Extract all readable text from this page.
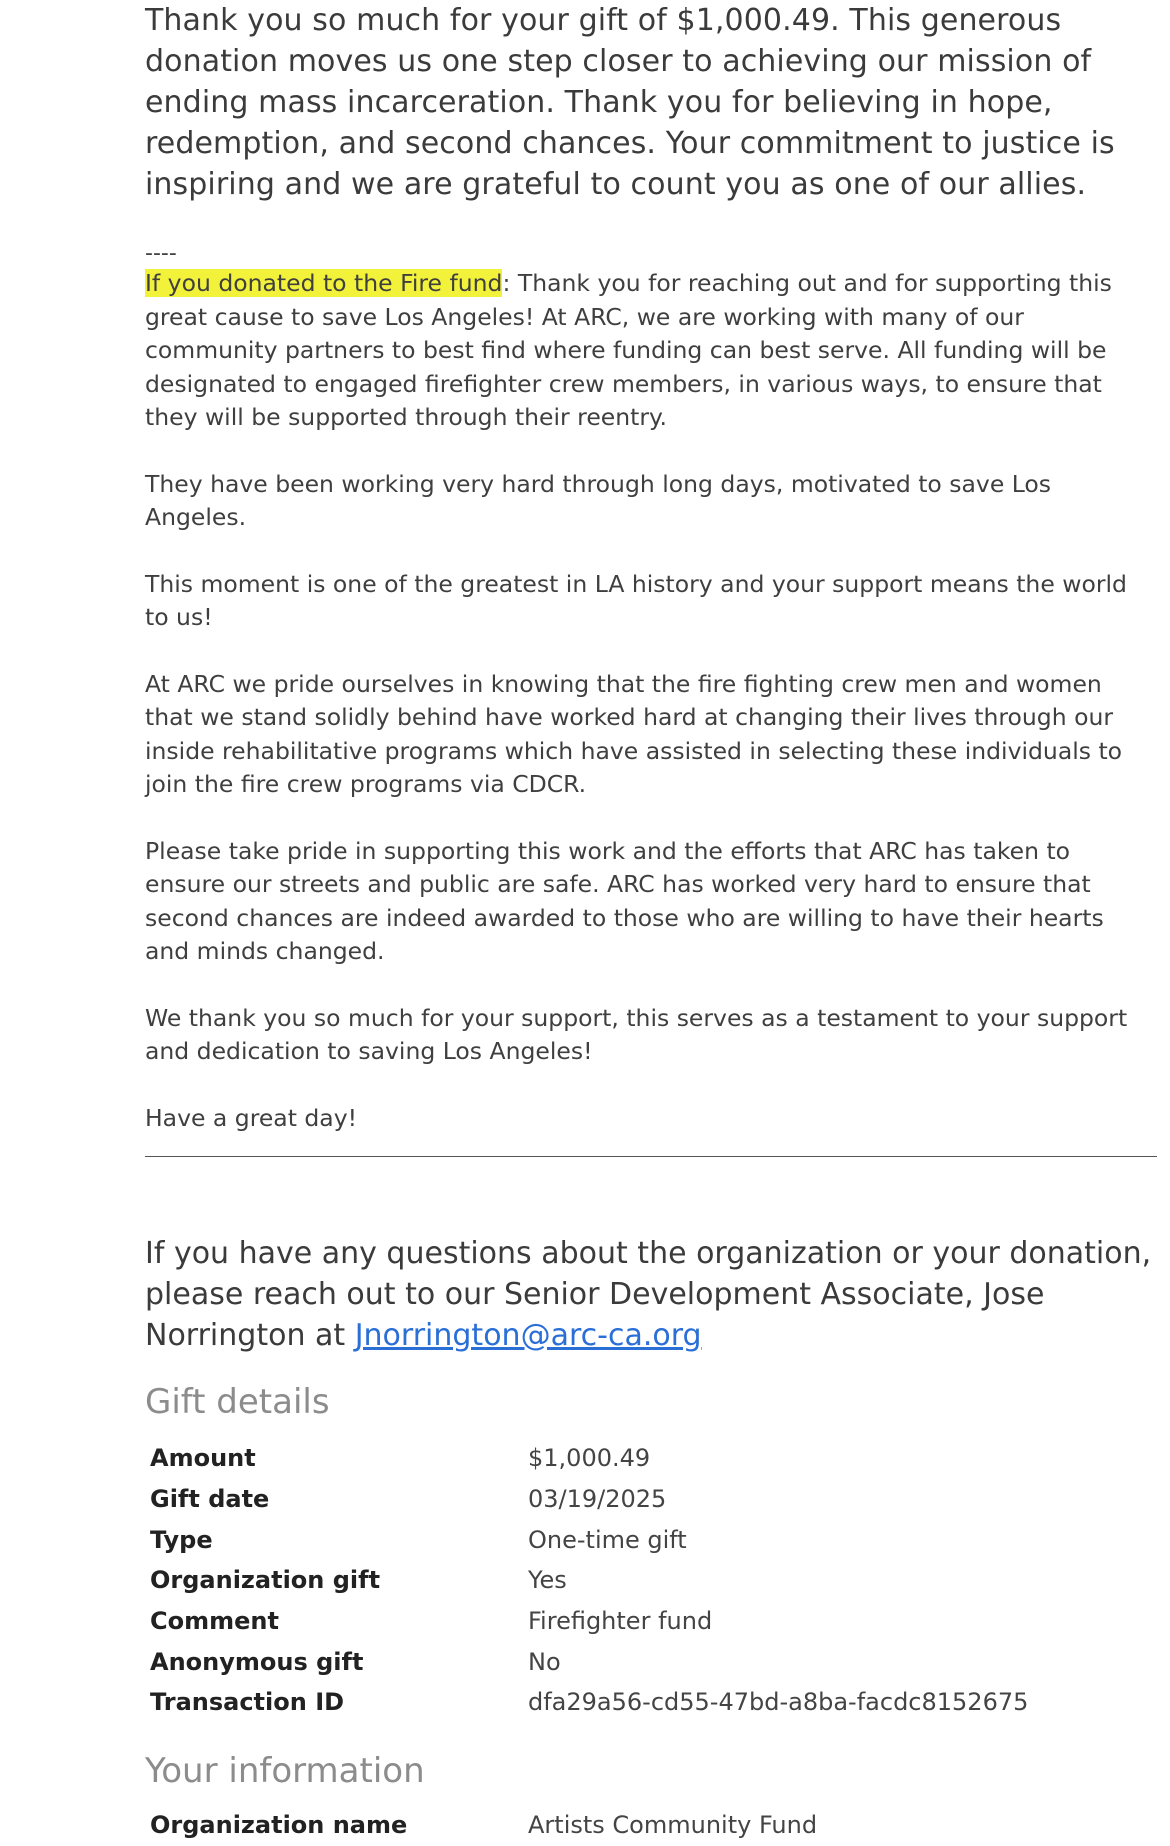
Thank you so much for your gift of $1,000.49. This generous donation moves us one step closer to achieving our mission of ending mass incarceration. Thank you for believing in hope, redemption, and second chances. Your commitment to justice is inspiring and we are grateful to count you as one of our allies.

----

If you donated to the Fire fund: Thank you for reaching out and for supporting this great cause to save Los Angeles! At ARC, we are working with many of our community partners to best find where funding can best serve. All funding will be designated to engaged firefighter crew members, in various ways, to ensure that they will be supported through their reentry.

They have been working very hard through long days, motivated to save Los Angeles.

This moment is one of the greatest in LA history and your support means the world to us!

At ARC we pride ourselves in knowing that the fire fighting crew men and women that we stand solidly behind have worked hard at changing their lives through our inside rehabilitative programs which have assisted in selecting these individuals to join the fire crew programs via CDCR.

Please take pride in supporting this work and the efforts that ARC has taken to ensure our streets and public are safe. ARC has worked very hard to ensure that second chances are indeed awarded to those who are willing to have their hearts and minds changed.

We thank you so much for your support, this serves as a testament to your support and dedication to saving Los Angeles!

Have a great day!

If you have any questions about the organization or your donation, please reach out to our Senior Development Associate, Jose Norrington at Jnorrington@arc-ca.org
Gift details
Amount	$1,000.49
Gift date	03/19/2025
Type	One-time gift
Organization gift	Yes
Comment	Firefighter fund
Anonymous gift	No
Transaction ID	dfa29a56-cd55-47bd-a8ba-facdc8152675
Your information
Organization name	Artists Community Fund
